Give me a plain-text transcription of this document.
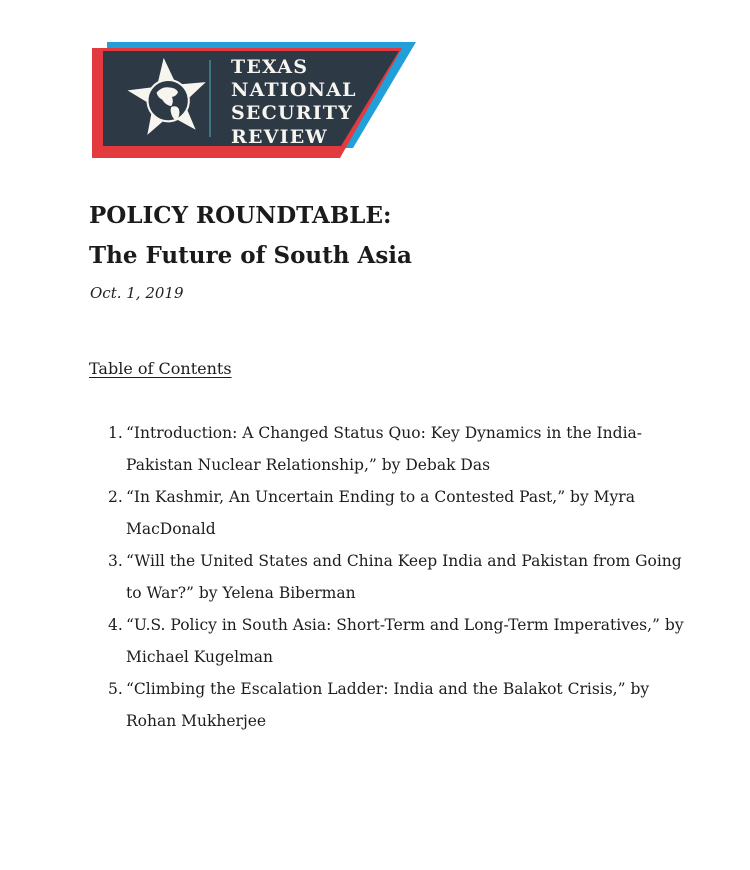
TEXAS
NATIONAL
SECURITY
REVIEW
POLICY ROUNDTABLE:
The Future of South Asia
Oct. 1, 2019
Table of Contents
1. “Introduction: A Changed Status Quo: Key Dynamics in the India-
Pakistan Nuclear Relationship,” by Debak Das
2. “In Kashmir, An Uncertain Ending to a Contested Past,” by Myra
MacDonald
3. “Will the United States and China Keep India and Pakistan from Going
to War?” by Yelena Biberman
4. “U.S. Policy in South Asia: Short-Term and Long-Term Imperatives,” by
Michael Kugelman
5. “Climbing the Escalation Ladder: India and the Balakot Crisis,” by
Rohan Mukherjee
